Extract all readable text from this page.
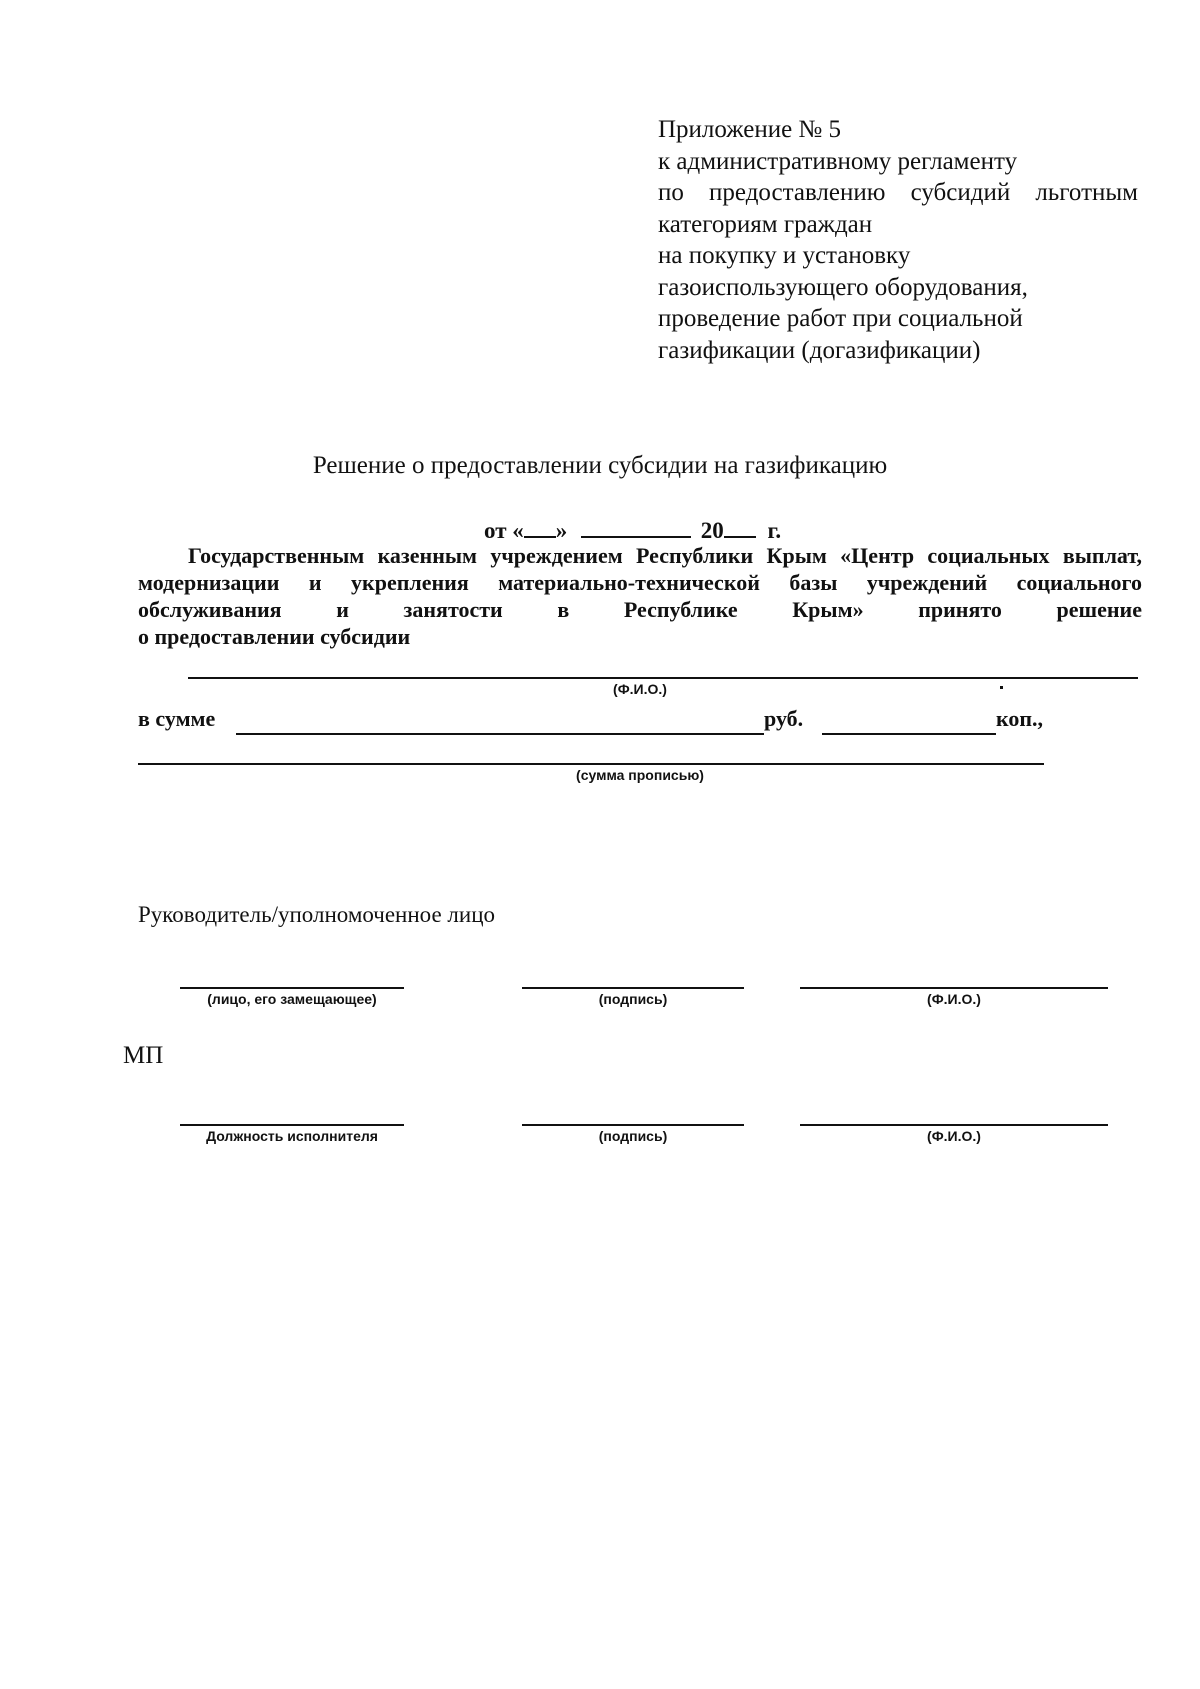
Приложение № 5
к административному регламенту
по предоставлению субсидий льготным
категориям граждан
на покупку и установку
газоиспользующего оборудования,
проведение работ при социальной
газификации (догазификации)
Решение о предоставлении субсидии на газификацию
от « »	20 г.
Государственным казенным учреждением Республики Крым «Центр социальных выплат,
модернизации и укрепления материально-технической базы учреждений социального
обслуживания и занятости в Республике Крым» принято решение
о предоставлении субсидии
(Ф.И.О.)
в сумме	руб.	коп.,
(сумма прописью)
Руководитель/уполномоченное лицо
(лицо, его замещающее)	(подпись)	(Ф.И.О.)
МП
Должность исполнителя	(подпись)	(Ф.И.О.)
